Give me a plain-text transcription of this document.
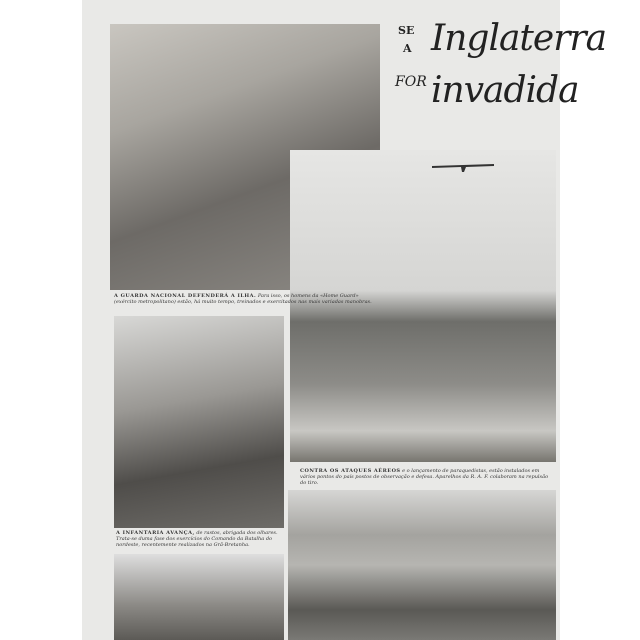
SE
A Inglaterra
FOR invadida
A GUARDA NACIONAL DEFENDERÁ A ILHA. Para isso, os homens da «Home Guard» (exército metropolitano) estão, há muito tempo, treinados e exercitados nas mais variadas manobras.
CONTRA OS ATAQUES AÉREOS e o lançamento de paraquedistas, estão instalados em vários pontos do país postos de observação e defesa. Aparelhos da R. A. F. colaboram na repulsão do tiro.
A INFANTARIA AVANÇA, de rastos, abrigada dos olhares. Trata-se duma fase dos exercícios do Comando da Batalha do nordeste, recentemente realizados na Grã-Bretanha.
